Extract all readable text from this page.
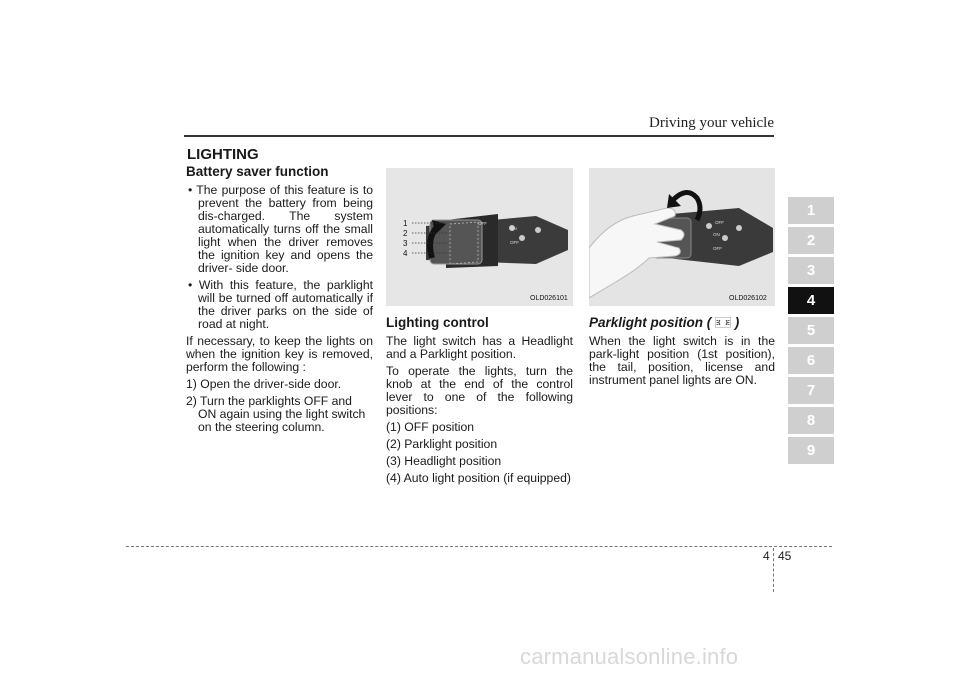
Driving your vehicle
LIGHTING
Battery saver function

• The purpose of this feature is to prevent the battery from being dis-charged. The system automatically turns off the small light when the driver removes the ignition key and opens the driver- side door.

• With this feature, the parklight will be turned off automatically if the driver parks on the side of road at night.

If necessary, to keep the lights on when the ignition key is removed, perform the following :

1) Open the driver-side door.

2) Turn the parklights OFF and ON again using the light switch on the steering column.

1
2
3
4
OFF
ON
OFF
OLD026101
OFF
ON
OFF
OLD026102
Lighting control

The light switch has a Headlight and a Parklight position.

To operate the lights, turn the knob at the end of the control lever to one of the following positions:

(1) OFF position

(2) Parklight position

(3) Headlight position

(4) Auto light position (if equipped)

Parklight position ( )

When the light switch is in the park-light position (1st position), the tail, position, license and instrument panel lights are ON.

1
2
3
4
5
6
7
8
9
4 45
carmanualsonline.info
